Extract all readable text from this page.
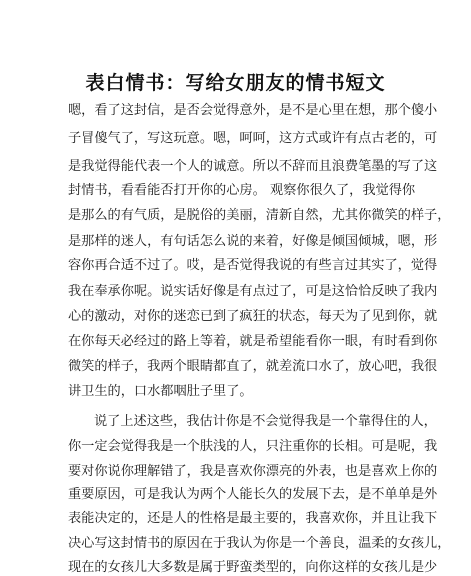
表白情书：写给女朋友的情书短文
嗯，看了这封信，是否会觉得意外，是不是心里在想，那个傻小
子冒傻气了，写这玩意。嗯，呵呵，这方式或许有点古老的，可
是我觉得能代表一个人的诚意。所以不辞而且浪费笔墨的写了这
封情书，看看能否打开你的心房。 观察你很久了，我觉得你
是那么的有气质，是脱俗的美丽，清新自然，尤其你微笑的样子，
是那样的迷人，有句话怎么说的来着，好像是倾国倾城，嗯，形
容你再合适不过了。哎，是否觉得我说的有些言过其实了，觉得
我在奉承你呢。说实话好像是有点过了，可是这恰恰反映了我内
心的激动，对你的迷恋已到了疯狂的状态，每天为了见到你，就
在你每天必经过的路上等着，就是希望能看你一眼，有时看到你
微笑的样子，我两个眼睛都直了，就差流口水了，放心吧，我很
讲卫生的，口水都咽肚子里了。
说了上述这些，我估计你是不会觉得我是一个靠得住的人，
你一定会觉得我是一个肤浅的人，只注重你的长相。可是呢，我
要对你说你理解错了，我是喜欢你漂亮的外表，也是喜欢上你的
重要原因，可是我认为两个人能长久的发展下去，是不单单是外
表能决定的，还是人的性格是最主要的，我喜欢你，并且让我下
决心写这封情书的原因在于我认为你是一个善良，温柔的女孩儿，
现在的女孩儿大多数是属于野蛮类型的，向你这样的女孩儿是少
